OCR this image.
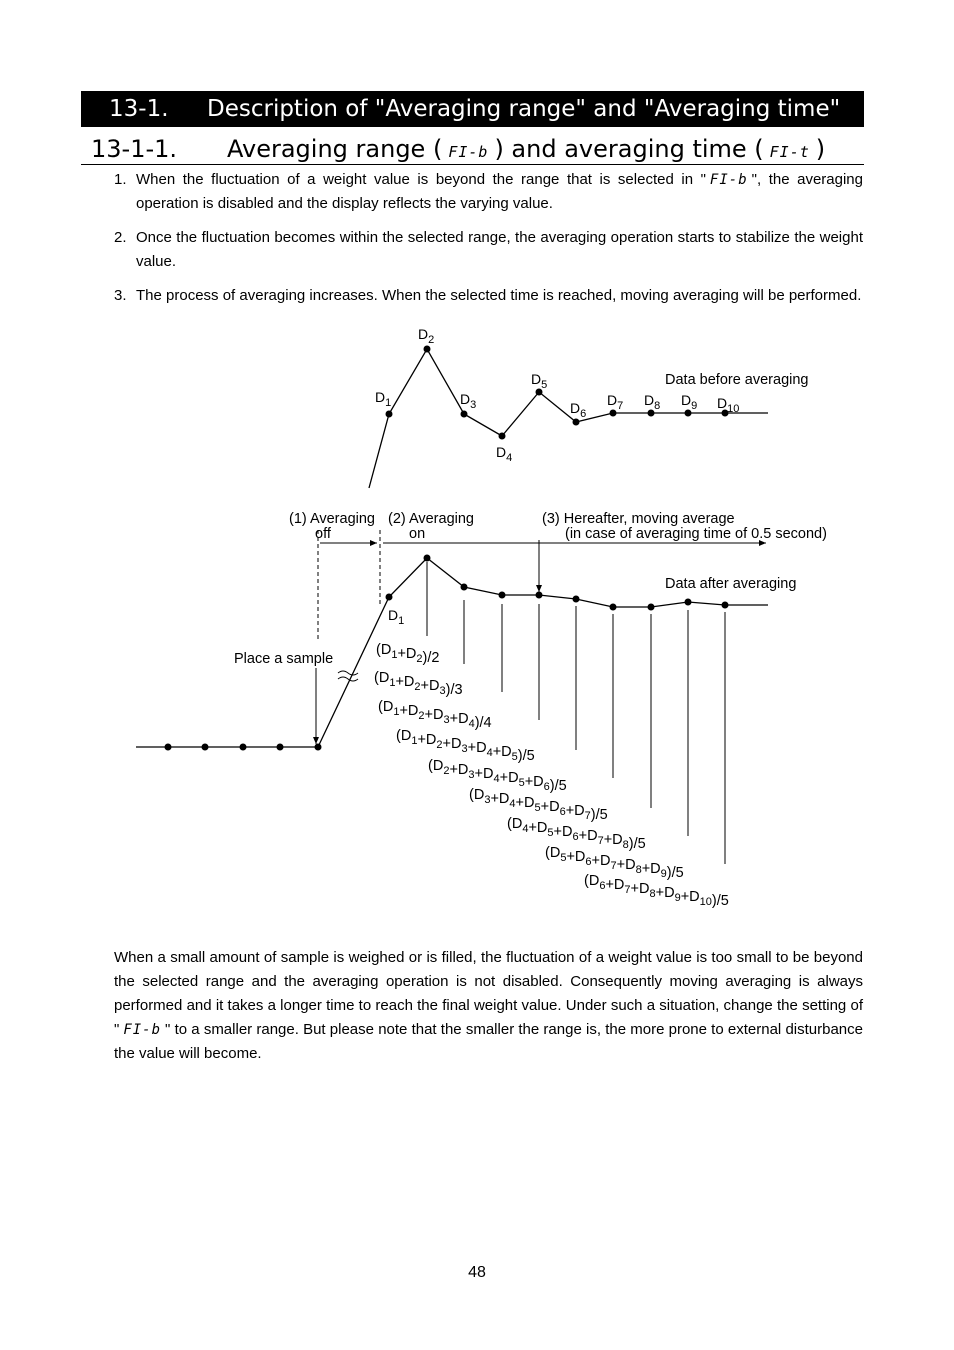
13-1. Description of "Averaging range" and "Averaging time"
13-1-1. Averaging range ( FI-b ) and averaging time ( FI-t )
1. When the fluctuation of a weight value is beyond the range that is selected in " FI-b ", the averaging operation is disabled and the display reflects the varying value.
2. Once the fluctuation becomes within the selected range, the averaging operation starts to stabilize the weight value.
3. The process of averaging increases. When the selected time is reached, moving averaging will be performed.
$D_1$
$D_2$
$D_3$
$D_4$
$D_5$
$D_6$
$D_7$ $D_8$ $D_9$ $D_{10}$
Data before averaging
(1) Averaging
off
(2) Averaging
on
(3) Hereafter, moving average
(in case of averaging time of 0.5 second)
Data after averaging
$D_1$
Place a sample
$(D_1+D_2)/2$
$(D_1+D_2+D_3)/3$
$(D_1+D_2+D_3+D_4)/4$
$(D_1+D_2+D_3+D_4+D_5)/5$
$(D_2+D_3+D_4+D_5+D_6)/5$
$(D_3+D_4+D_5+D_6+D_7)/5$
$(D_4+D_5+D_6+D_7+D_8)/5$
$(D_5+D_6+D_7+D_8+D_9)/5$
$(D_6+D_7+D_8+D_9+D_{10})/5$

When a small amount of sample is weighed or is filled, the fluctuation of a weight value is too small to be beyond the selected range and the averaging operation is not disabled. Consequently moving averaging is always performed and it takes a longer time to reach the final weight value. Under such a situation, change the setting of " FI-b " to a smaller range. But please note that the smaller the range is, the more prone to external disturbance the value will become.

48
